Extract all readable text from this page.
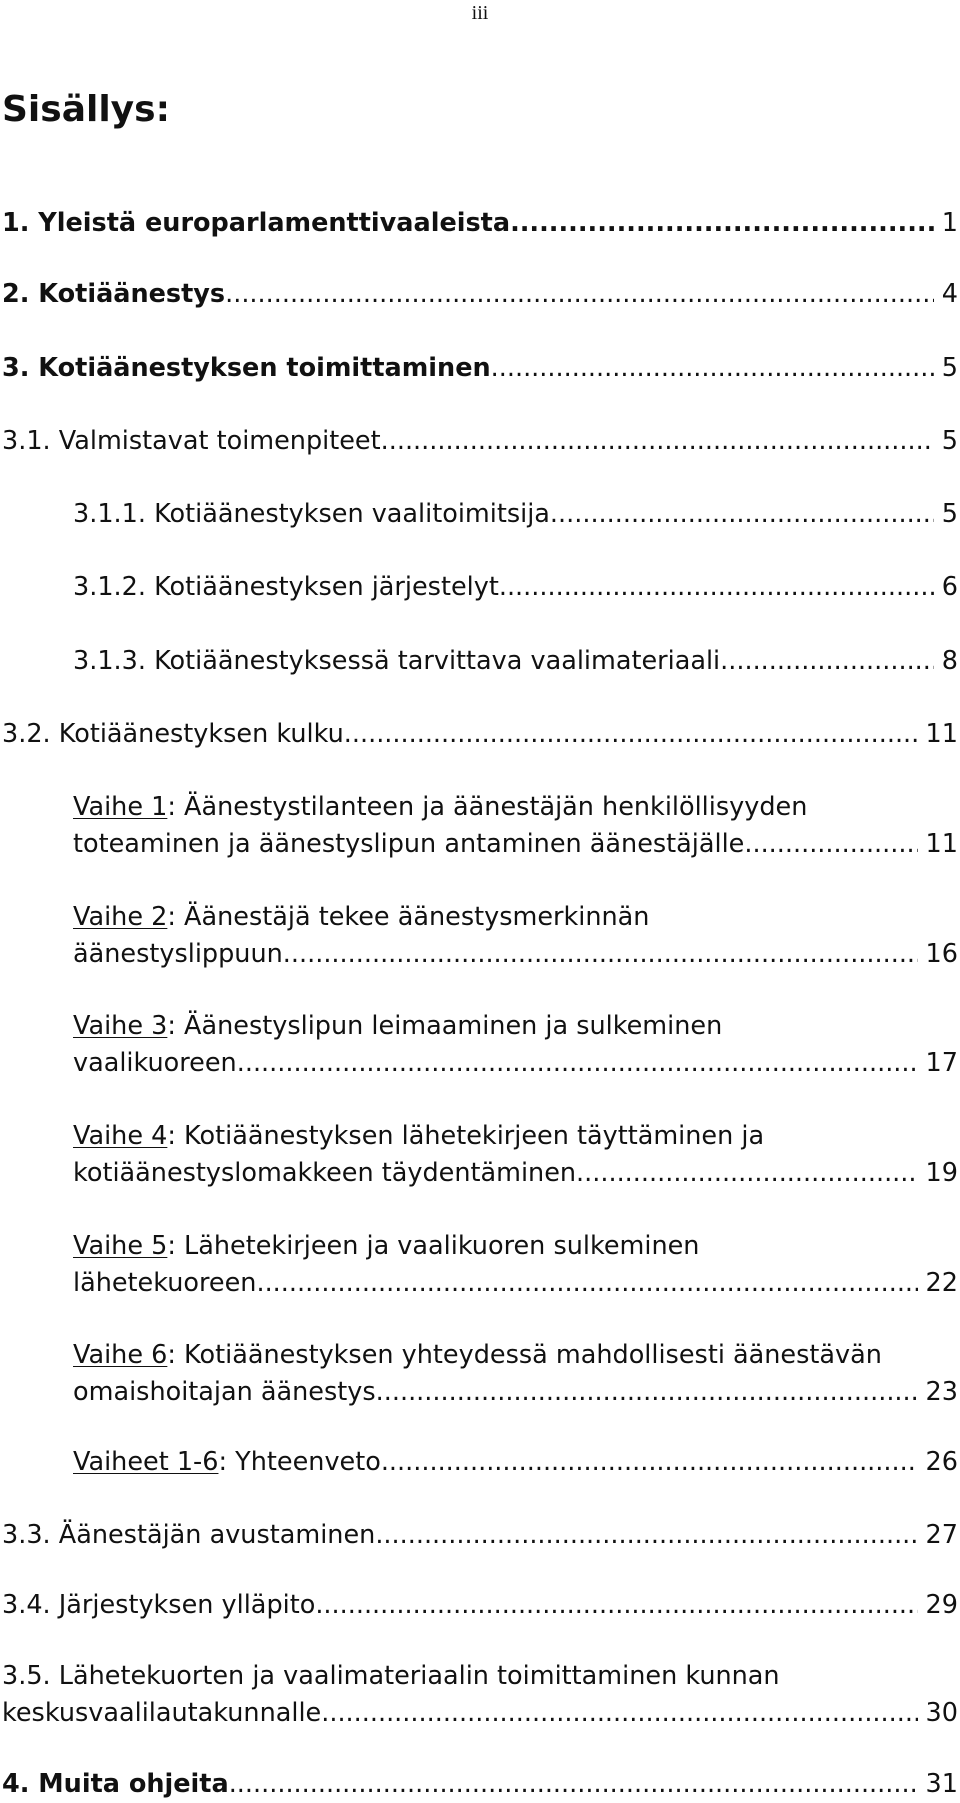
iii
Sisällys:
1. Yleistä europarlamenttivaaleista .....	1
2. Kotiäänestys .....	4
3. Kotiäänestyksen toimittaminen .....	5
3.1. Valmistavat toimenpiteet .....	5
3.1.1. Kotiäänestyksen vaalitoimitsija .....	5
3.1.2. Kotiäänestyksen järjestelyt .....	6
3.1.3. Kotiäänestyksessä tarvittava vaalimateriaali .....	8
3.2. Kotiäänestyksen kulku .....	11
Vaihe 1: Äänestystilanteen ja äänestäjän henkilöllisyyden
toteaminen ja äänestyslipun antaminen äänestäjälle .....	11
Vaihe 2: Äänestäjä tekee äänestysmerkinnän
äänestyslippuun .....	16
Vaihe 3: Äänestyslipun leimaaminen ja sulkeminen
vaalikuoreen .....	17
Vaihe 4: Kotiäänestyksen lähetekirjeen täyttäminen ja
kotiäänestyslomakkeen täydentäminen .....	19
Vaihe 5: Lähetekirjeen ja vaalikuoren sulkeminen
lähetekuoreen .....	22
Vaihe 6: Kotiäänestyksen yhteydessä mahdollisesti äänestävän
omaishoitajan äänestys .....	23
Vaiheet 1-6: Yhteenveto .....	26
3.3. Äänestäjän avustaminen .....	27
3.4. Järjestyksen ylläpito .....	29
3.5. Lähetekuorten ja vaalimateriaalin toimittaminen kunnan
keskusvaalilautakunnalle .....	30
4. Muita ohjeita .....	31
